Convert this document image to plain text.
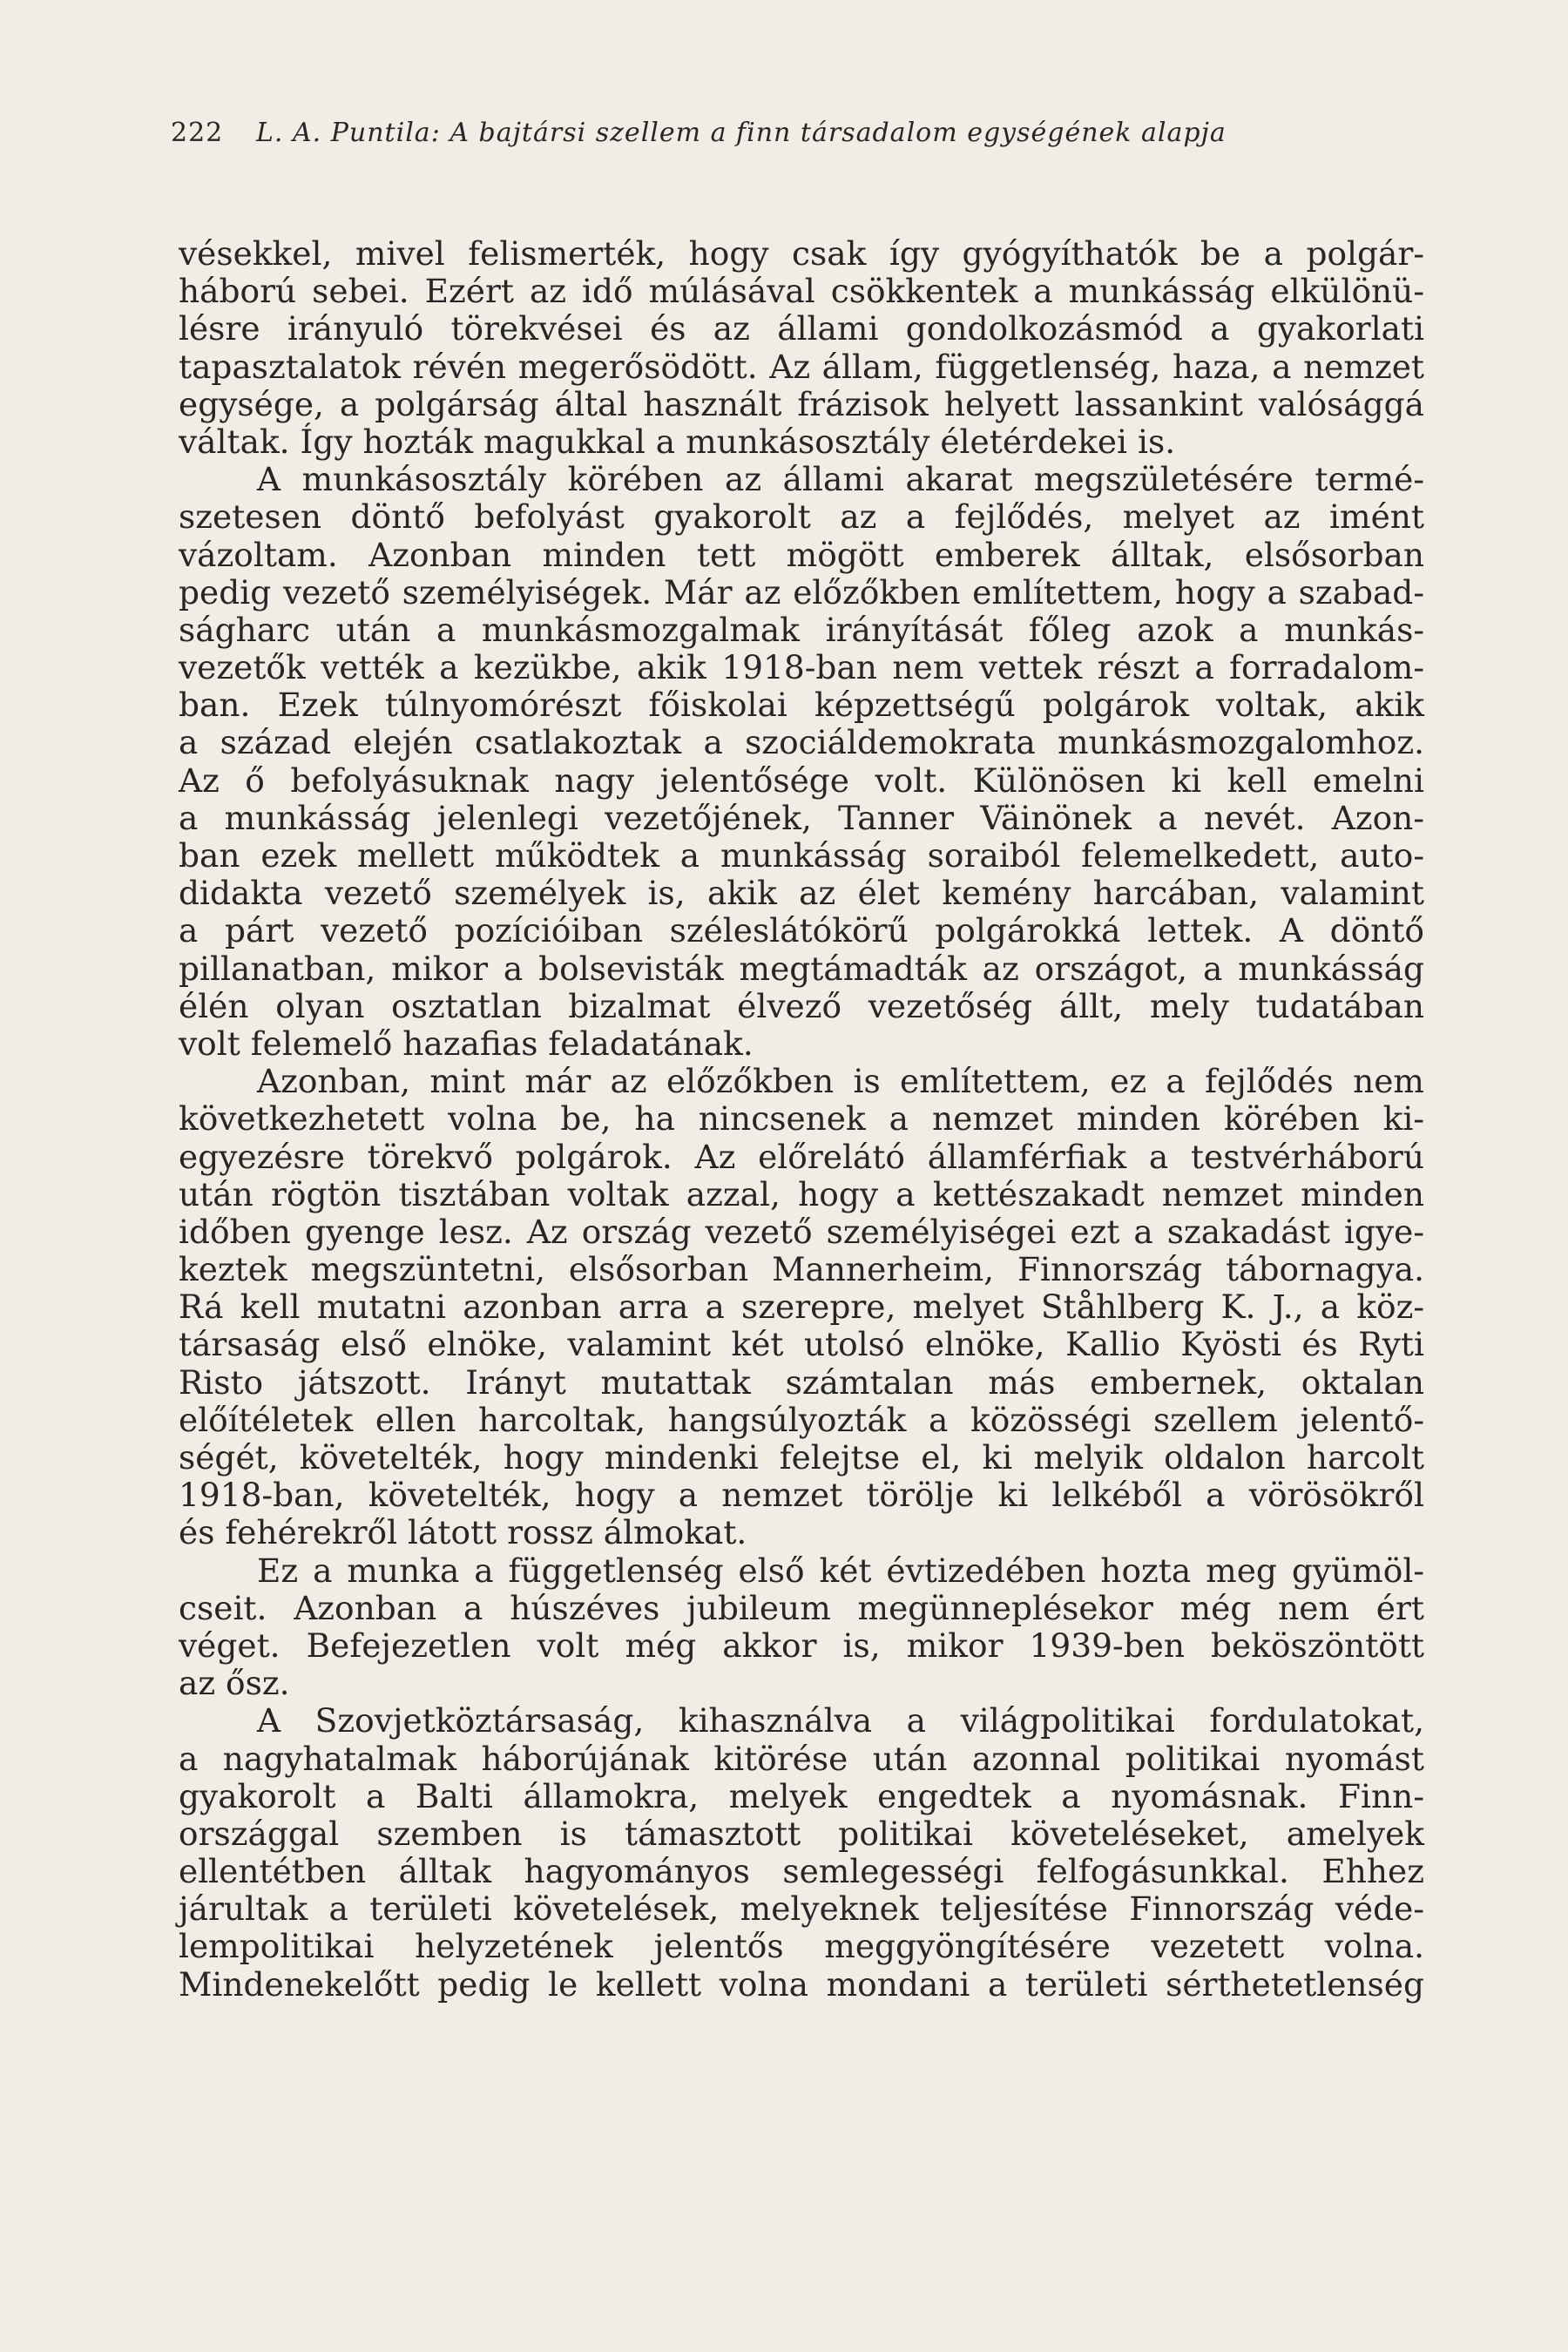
222 L. A. Puntila: A bajtársi szellem a finn társadalom egységének alapja
vésekkel, mivel felismerték, hogy csak így gyógyíthatók be a polgár-
háború sebei. Ezért az idő múlásával csökkentek a munkásság elkülönü-
lésre irányuló törekvései és az állami gondolkozásmód a gyakorlati
tapasztalatok révén megerősödött. Az állam, függetlenség, haza, a nemzet
egysége, a polgárság által használt frázisok helyett lassankint valósággá
váltak. Így hozták magukkal a munkásosztály életérdekei is.
A munkásosztály körében az állami akarat megszületésére termé-
szetesen döntő befolyást gyakorolt az a fejlődés, melyet az imént
vázoltam. Azonban minden tett mögött emberek álltak, elsősorban
pedig vezető személyiségek. Már az előzőkben említettem, hogy a szabad-
ságharc után a munkásmozgalmak irányítását főleg azok a munkás-
vezetők vették a kezükbe, akik 1918-ban nem vettek részt a forradalom-
ban. Ezek túlnyomórészt főiskolai képzettségű polgárok voltak, akik
a század elején csatlakoztak a szociáldemokrata munkásmozgalomhoz.
Az ő befolyásuknak nagy jelentősége volt. Különösen ki kell emelni
a munkásság jelenlegi vezetőjének, Tanner Väinönek a nevét. Azon-
ban ezek mellett működtek a munkásság soraiból felemelkedett, auto-
didakta vezető személyek is, akik az élet kemény harcában, valamint
a párt vezető pozícióiban széleslátókörű polgárokká lettek. A döntő
pillanatban, mikor a bolsevisták megtámadták az országot, a munkásság
élén olyan osztatlan bizalmat élvező vezetőség állt, mely tudatában
volt felemelő hazafias feladatának.
Azonban, mint már az előzőkben is említettem, ez a fejlődés nem
következhetett volna be, ha nincsenek a nemzet minden körében ki-
egyezésre törekvő polgárok. Az előrelátó államférfiak a testvérháború
után rögtön tisztában voltak azzal, hogy a kettészakadt nemzet minden
időben gyenge lesz. Az ország vezető személyiségei ezt a szakadást igye-
keztek megszüntetni, elsősorban Mannerheim, Finnország tábornagya.
Rá kell mutatni azonban arra a szerepre, melyet Ståhlberg K. J., a köz-
társaság első elnöke, valamint két utolsó elnöke, Kallio Kyösti és Ryti
Risto játszott. Irányt mutattak számtalan más embernek, oktalan
előítéletek ellen harcoltak, hangsúlyozták a közösségi szellem jelentő-
ségét, követelték, hogy mindenki felejtse el, ki melyik oldalon harcolt
1918-ban, követelték, hogy a nemzet törölje ki lelkéből a vörösökről
és fehérekről látott rossz álmokat.
Ez a munka a függetlenség első két évtizedében hozta meg gyümöl-
cseit. Azonban a húszéves jubileum megünneplésekor még nem ért
véget. Befejezetlen volt még akkor is, mikor 1939-ben beköszöntött
az ősz.
A Szovjetköztársaság, kihasználva a világpolitikai fordulatokat,
a nagyhatalmak háborújának kitörése után azonnal politikai nyomást
gyakorolt a Balti államokra, melyek engedtek a nyomásnak. Finn-
országgal szemben is támasztott politikai követeléseket, amelyek
ellentétben álltak hagyományos semlegességi felfogásunkkal. Ehhez
járultak a területi követelések, melyeknek teljesítése Finnország véde-
lempolitikai helyzetének jelentős meggyöngítésére vezetett volna.
Mindenekelőtt pedig le kellett volna mondani a területi sérthetetlenség
